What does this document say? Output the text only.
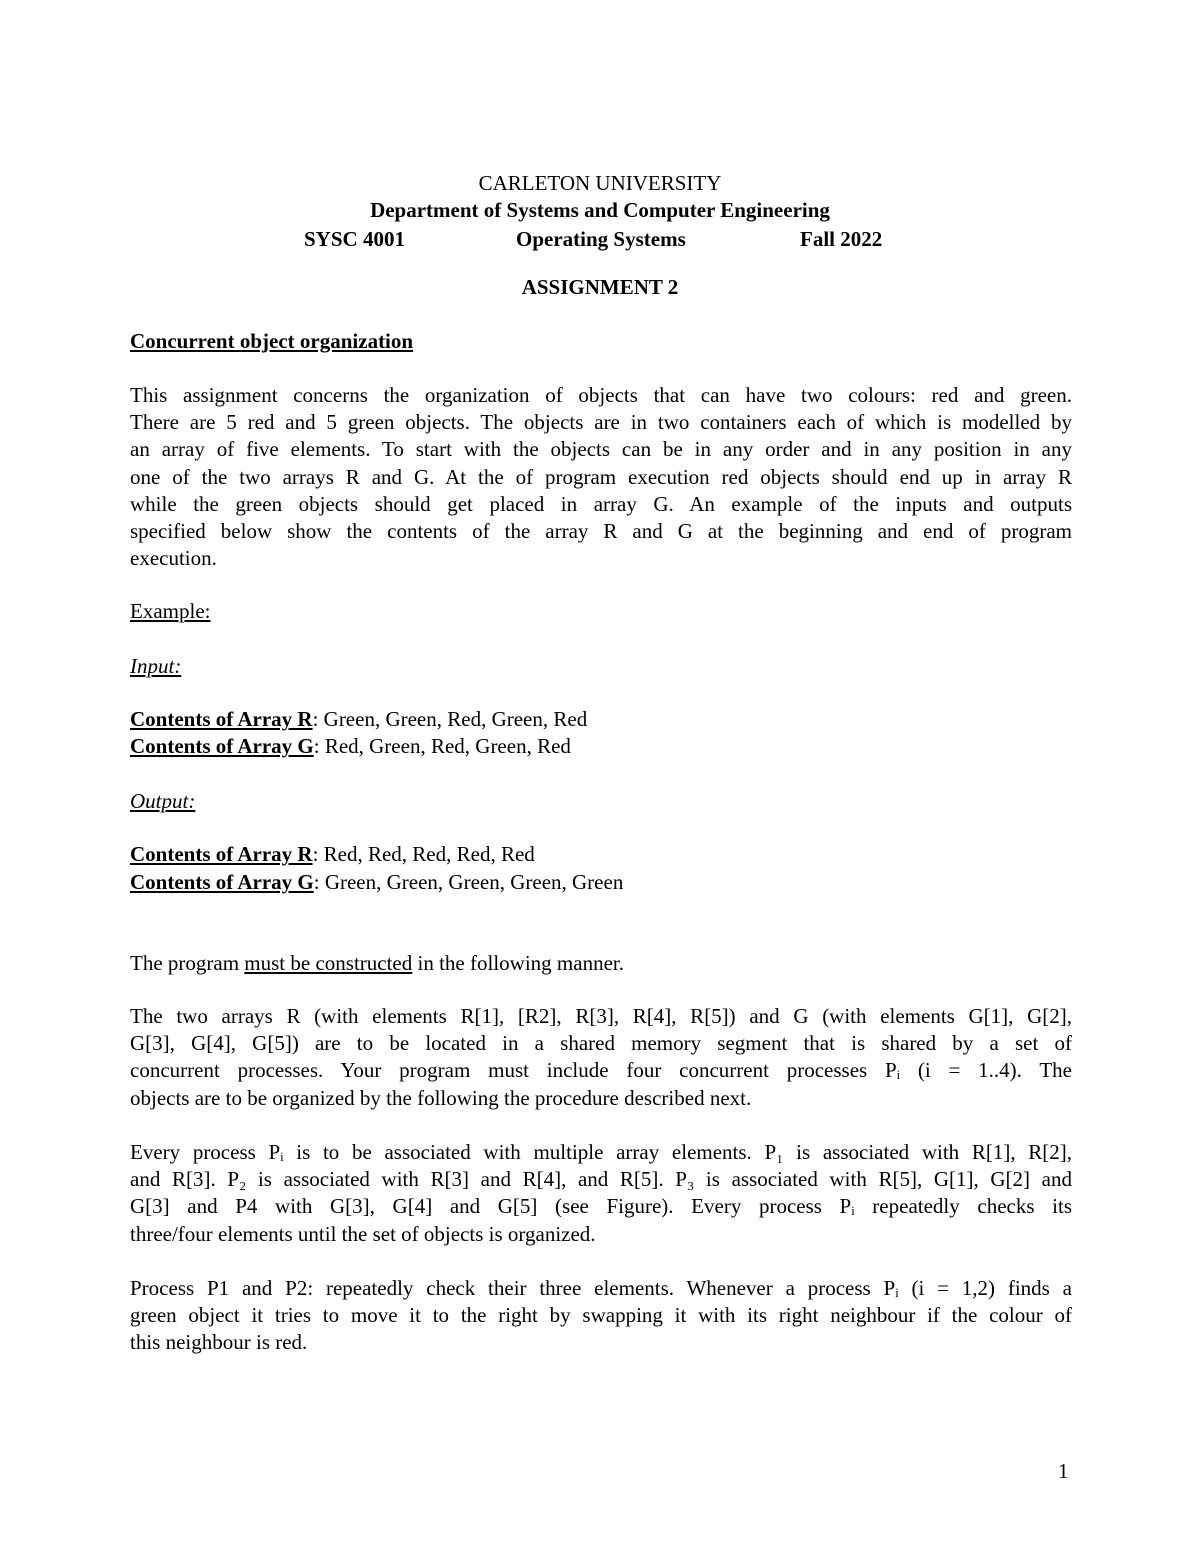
CARLETON UNIVERSITY
Department of Systems and Computer Engineering

SYSC 4001	Operating Systems	Fall 2022
ASSIGNMENT 2
Concurrent object organization
This assignment concerns the organization of objects that can have two colours: red and green.
There are 5 red and 5 green objects. The objects are in two containers each of which is modelled by
an array of five elements. To start with the objects can be in any order and in any position in any
one of the two arrays R and G. At the of program execution red objects should end up in array R
while the green objects should get placed in array G. An example of the inputs and outputs
specified below show the contents of the array R and G at the beginning and end of program
execution.
Example:
Input:
Contents of Array R: Green, Green, Red, Green, Red
Contents of Array G: Red, Green, Red, Green, Red
Output:
Contents of Array R: Red, Red, Red, Red, Red
Contents of Array G: Green, Green, Green, Green, Green
The program must be constructed in the following manner.
The two arrays R (with elements R[1], [R2], R[3], R[4], R[5]) and G (with elements G[1], G[2],
G[3], G[4], G[5]) are to be located in a shared memory segment that is shared by a set of
concurrent processes. Your program must include four concurrent processes Pᵢ (i = 1..4). The
objects are to be organized by the following the procedure described next.
Every process Pᵢ is to be associated with multiple array elements. P₁ is associated with R[1], R[2],
and R[3]. P₂ is associated with R[3] and R[4], and R[5]. P₃ is associated with R[5], G[1], G[2] and
G[3] and P4 with G[3], G[4] and G[5] (see Figure). Every process Pᵢ repeatedly checks its
three/four elements until the set of objects is organized.
Process P1 and P2: repeatedly check their three elements. Whenever a process Pᵢ (i = 1,2) finds a
green object it tries to move it to the right by swapping it with its right neighbour if the colour of
this neighbour is red.
1
